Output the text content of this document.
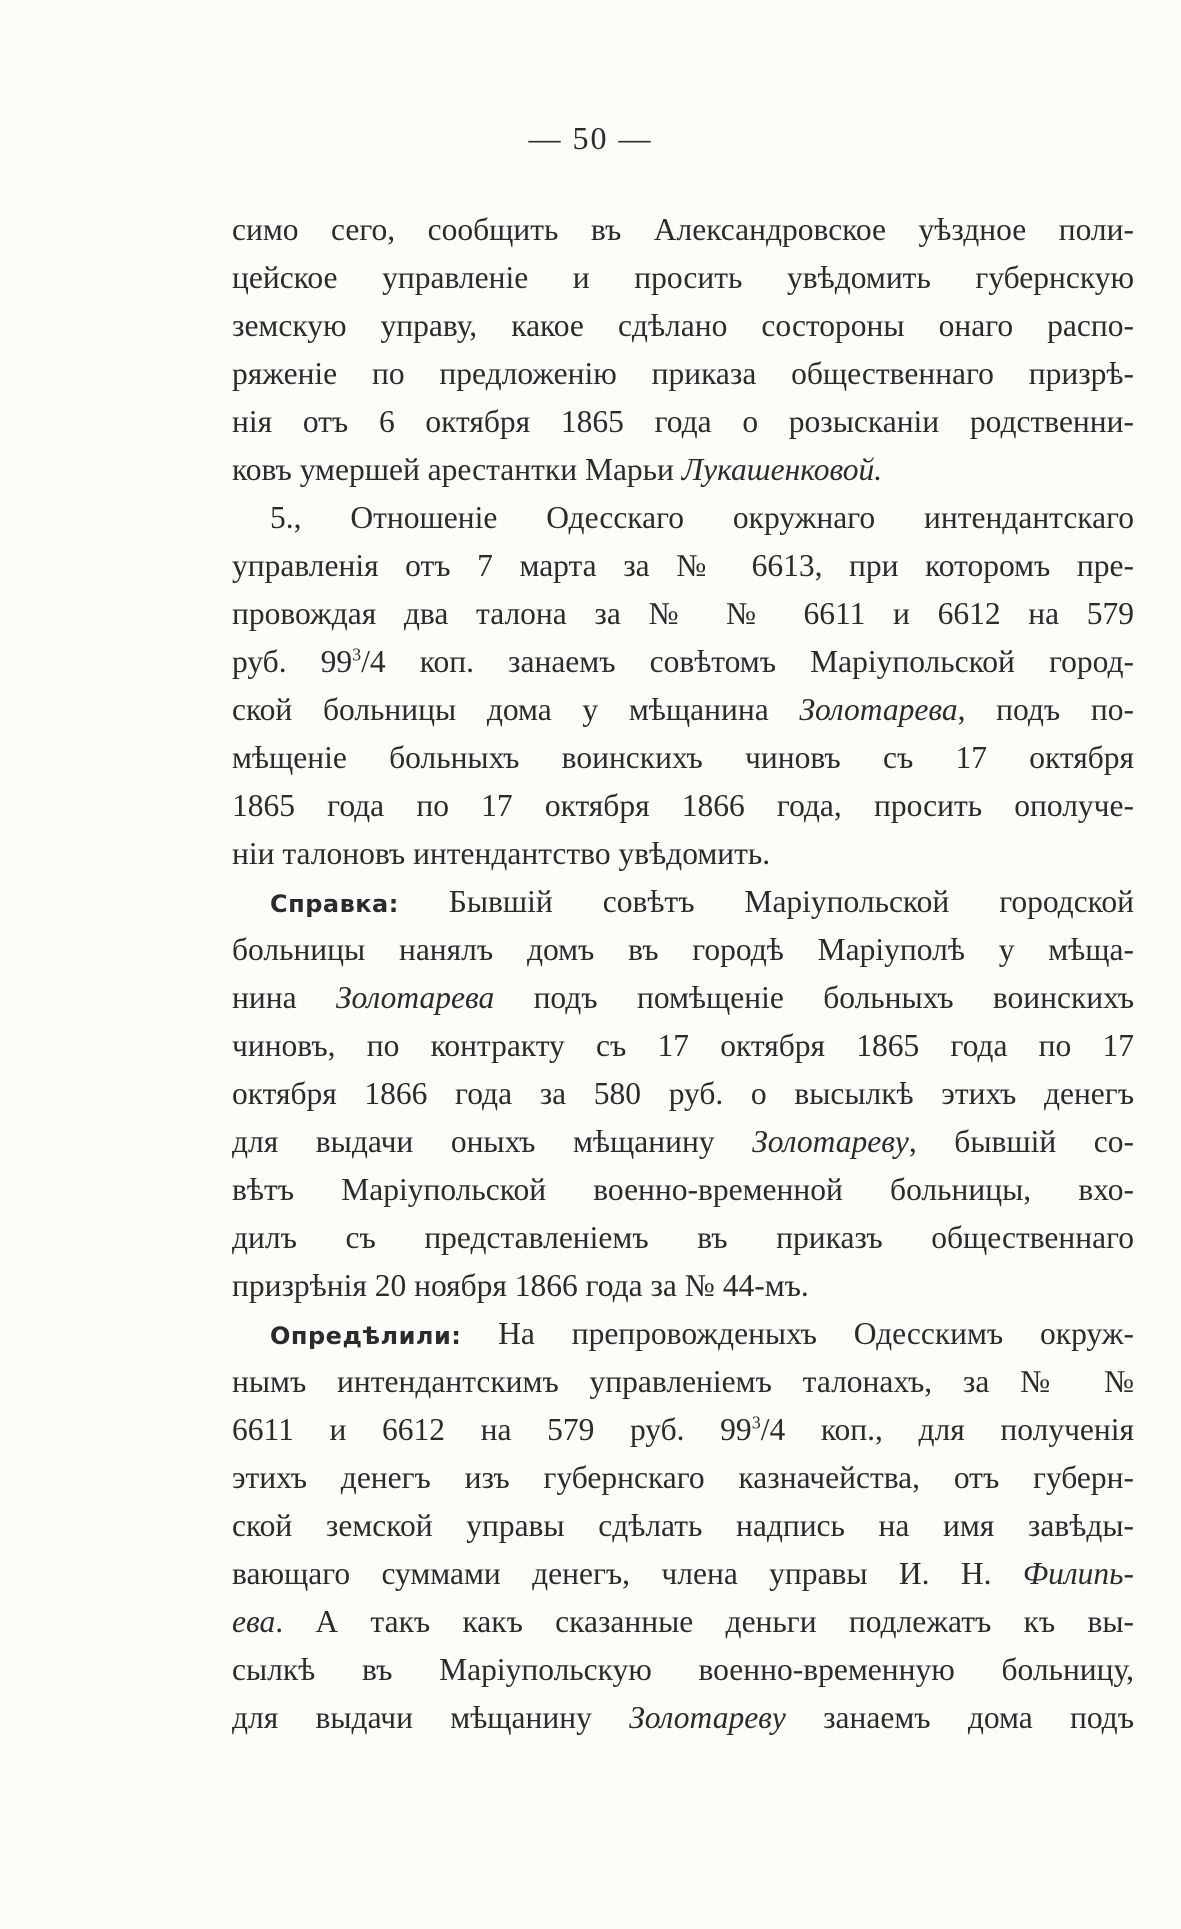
— 50 —
симо сего, сообщить въ Александровское уѣздное поли-
цейское управленіе и просить увѣдомить губернскую
земскую управу, какое сдѣлано состороны онаго распо-
ряженіе по предложенію приказа общественнаго призрѣ-
нія отъ 6 октября 1865 года о розысканіи родственни-
ковъ умершей арестантки Марьи Лукашенковой.
5., Отношеніе Одесскаго окружнаго интендантскаго
управленія отъ 7 марта за № 6613, при которомъ пре-
провождая два талона за № № 6611 и 6612 на 579
руб. $99^3/4$ коп. занаемъ совѣтомъ Маріупольской город-
ской больницы дома у мѣщанина Золотарева, подъ по-
мѣщеніе больныхъ воинскихъ чиновъ съ 17 октября
1865 года по 17 октября 1866 года, просить ополуче-
ніи талоновъ интендантство увѣдомить.
Справка: Бывшій совѣтъ Маріупольской городской
больницы нанялъ домъ въ городѣ Маріуполѣ у мѣща-
нина Золотарева подъ помѣщеніе больныхъ воинскихъ
чиновъ, по контракту съ 17 октября 1865 года по 17
октября 1866 года за 580 руб. о высылкѣ этихъ денегъ
для выдачи оныхъ мѣщанину Золотареву, бывшій со-
вѣтъ Маріупольской военно-временной больницы, вхо-
дилъ съ представленіемъ въ приказъ общественнаго
призрѣнія 20 ноября 1866 года за № 44-мъ.
Опредѣлили: На препровожденыхъ Одесскимъ окруж-
нымъ интендантскимъ управленіемъ талонахъ, за № №
6611 и 6612 на 579 руб. $99^3/4$ коп., для полученія
этихъ денегъ изъ губернскаго казначейства, отъ губерн-
ской земской управы сдѣлать надпись на имя завѣды-
вающаго суммами денегъ, члена управы И. Н. Филипь-
ева. А такъ какъ сказанные деньги подлежатъ къ вы-
сылкѣ въ Маріупольскую военно-временную больницу,
для выдачи мѣщанину Золотареву занаемъ дома подъ
